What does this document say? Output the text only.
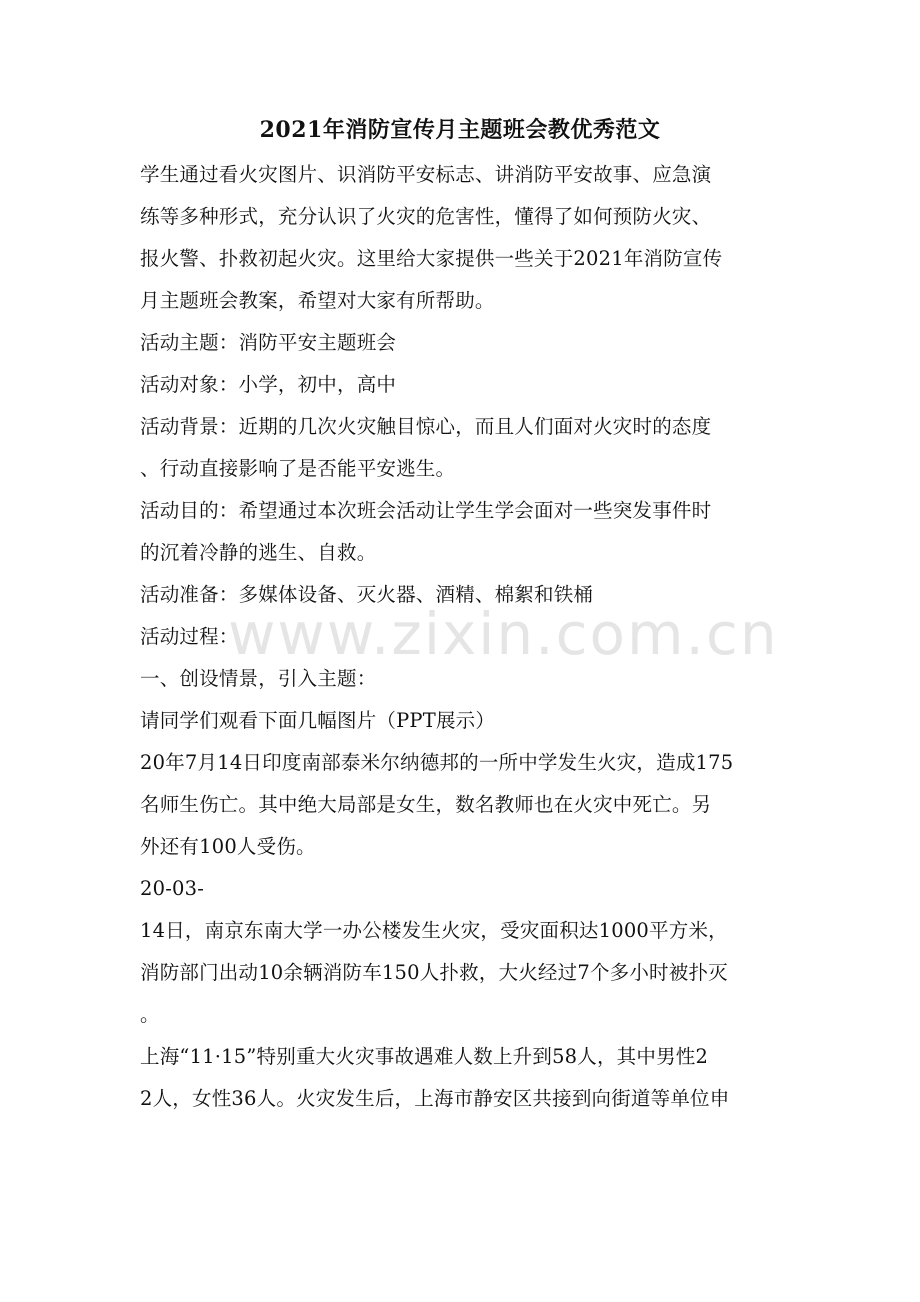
2021年消防宣传月主题班会教优秀范文
学生通过看火灾图片、识消防平安标志、讲消防平安故事、应急演
练等多种形式，充分认识了火灾的危害性，懂得了如何预防火灾、
报火警、扑救初起火灾。这里给大家提供一些关于2021年消防宣传
月主题班会教案，希望对大家有所帮助。
活动主题：消防平安主题班会
活动对象：小学，初中，高中
活动背景：近期的几次火灾触目惊心，而且人们面对火灾时的态度
、行动直接影响了是否能平安逃生。
活动目的：希望通过本次班会活动让学生学会面对一些突发事件时
的沉着冷静的逃生、自救。
活动准备：多媒体设备、灭火器、酒精、棉絮和铁桶
活动过程：
一、创设情景，引入主题：
请同学们观看下面几幅图片（PPT展示）
20年7月14日印度南部泰米尔纳德邦的一所中学发生火灾，造成175
名师生伤亡。其中绝大局部是女生，数名教师也在火灾中死亡。另
外还有100人受伤。
20-03-
14日，南京东南大学一办公楼发生火灾，受灾面积达1000平方米，
消防部门出动10余辆消防车150人扑救，大火经过7个多小时被扑灭
。
上海“11·15”特别重大火灾事故遇难人数上升到58人，其中男性2
2人，女性36人。火灾发生后，上海市静安区共接到向街道等单位申
www.zixin.com.cn
